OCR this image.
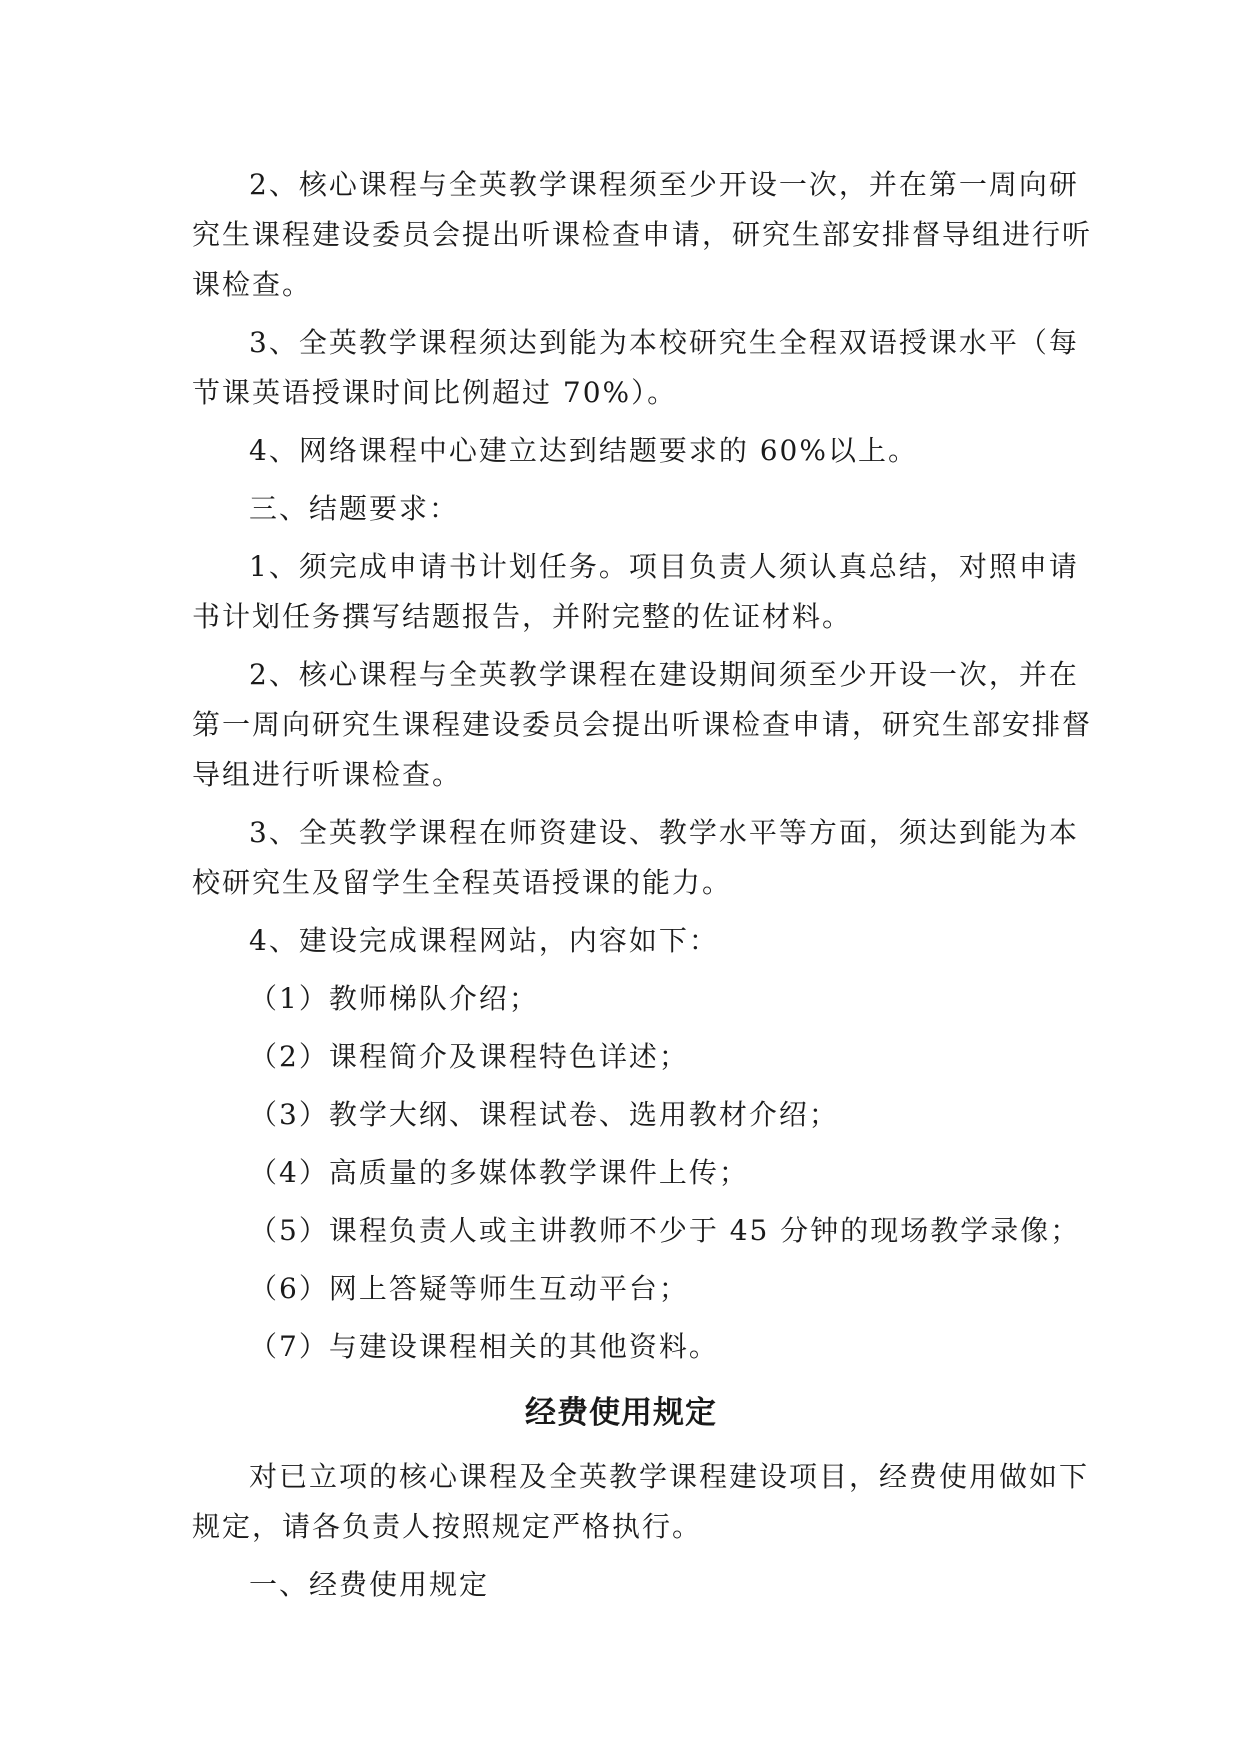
2、核心课程与全英教学课程须至少开设一次，并在第一周向研
究生课程建设委员会提出听课检查申请，研究生部安排督导组进行听
课检查。
3、全英教学课程须达到能为本校研究生全程双语授课水平（每
节课英语授课时间比例超过 70%）。
4、网络课程中心建立达到结题要求的 60%以上。
三、结题要求：
1、须完成申请书计划任务。项目负责人须认真总结，对照申请
书计划任务撰写结题报告，并附完整的佐证材料。
2、核心课程与全英教学课程在建设期间须至少开设一次，并在
第一周向研究生课程建设委员会提出听课检查申请，研究生部安排督
导组进行听课检查。
3、全英教学课程在师资建设、教学水平等方面，须达到能为本
校研究生及留学生全程英语授课的能力。
4、建设完成课程网站，内容如下：
（1）教师梯队介绍；
（2）课程简介及课程特色详述；
（3）教学大纲、课程试卷、选用教材介绍；
（4）高质量的多媒体教学课件上传；
（5）课程负责人或主讲教师不少于 45 分钟的现场教学录像；
（6）网上答疑等师生互动平台；
（7）与建设课程相关的其他资料。
经费使用规定
对已立项的核心课程及全英教学课程建设项目，经费使用做如下
规定，请各负责人按照规定严格执行。
一、经费使用规定
